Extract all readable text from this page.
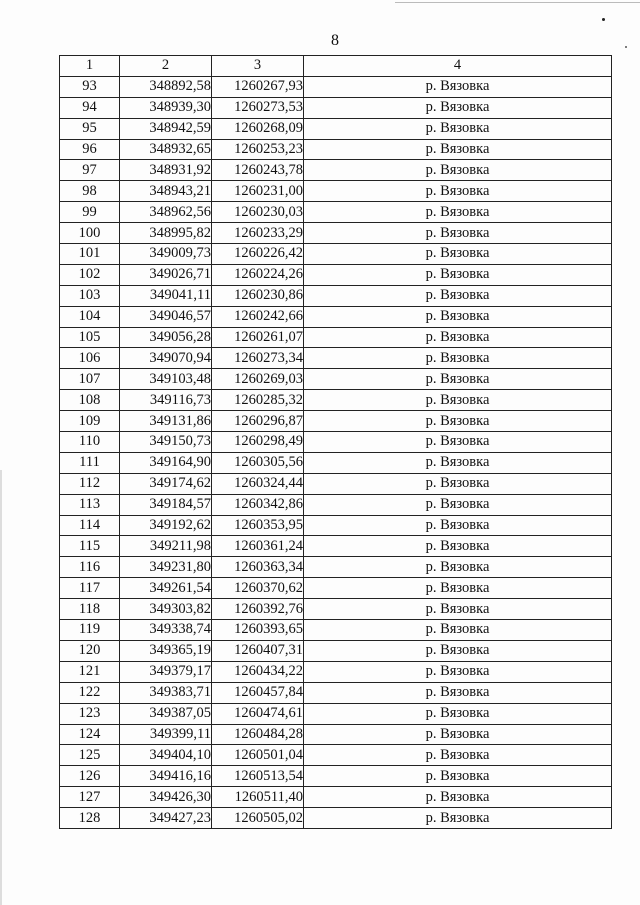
8
1	2	3	4
93	348892,58	1260267,93	р. Вязовка
94	348939,30	1260273,53	р. Вязовка
95	348942,59	1260268,09	р. Вязовка
96	348932,65	1260253,23	р. Вязовка
97	348931,92	1260243,78	р. Вязовка
98	348943,21	1260231,00	р. Вязовка
99	348962,56	1260230,03	р. Вязовка
100	348995,82	1260233,29	р. Вязовка
101	349009,73	1260226,42	р. Вязовка
102	349026,71	1260224,26	р. Вязовка
103	349041,11	1260230,86	р. Вязовка
104	349046,57	1260242,66	р. Вязовка
105	349056,28	1260261,07	р. Вязовка
106	349070,94	1260273,34	р. Вязовка
107	349103,48	1260269,03	р. Вязовка
108	349116,73	1260285,32	р. Вязовка
109	349131,86	1260296,87	р. Вязовка
110	349150,73	1260298,49	р. Вязовка
111	349164,90	1260305,56	р. Вязовка
112	349174,62	1260324,44	р. Вязовка
113	349184,57	1260342,86	р. Вязовка
114	349192,62	1260353,95	р. Вязовка
115	349211,98	1260361,24	р. Вязовка
116	349231,80	1260363,34	р. Вязовка
117	349261,54	1260370,62	р. Вязовка
118	349303,82	1260392,76	р. Вязовка
119	349338,74	1260393,65	р. Вязовка
120	349365,19	1260407,31	р. Вязовка
121	349379,17	1260434,22	р. Вязовка
122	349383,71	1260457,84	р. Вязовка
123	349387,05	1260474,61	р. Вязовка
124	349399,11	1260484,28	р. Вязовка
125	349404,10	1260501,04	р. Вязовка
126	349416,16	1260513,54	р. Вязовка
127	349426,30	1260511,40	р. Вязовка
128	349427,23	1260505,02	р. Вязовка
